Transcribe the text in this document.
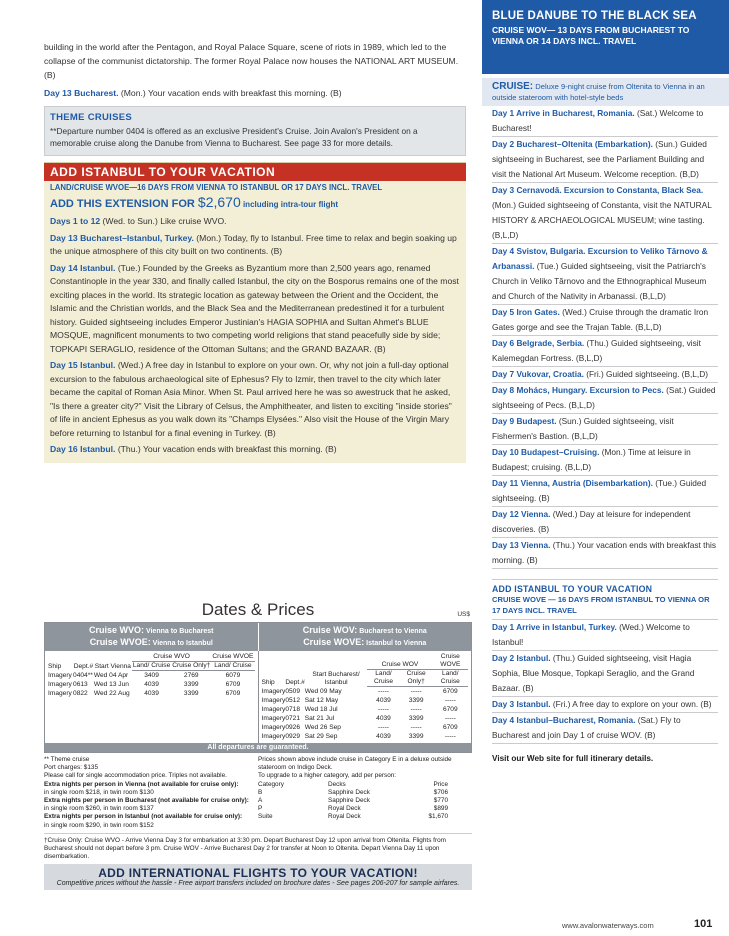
building in the world after the Pentagon, and Royal Palace Square, scene of riots in 1989, which led to the collapse of the communist dictatorship. The former Royal Palace now houses the NATIONAL ART MUSEUM. (B)
Day 13 Bucharest. (Mon.) Your vacation ends with breakfast this morning. (B)
THEME CRUISES
**Departure number 0404 is offered as an exclusive President's Cruise. Join Avalon's President on a memorable cruise along the Danube from Vienna to Bucharest. See page 33 for more details.
ADD ISTANBUL TO YOUR VACATION
LAND/CRUISE WVOE—16 DAYS FROM VIENNA TO ISTANBUL OR 17 DAYS INCL. TRAVEL
ADD THIS EXTENSION FOR $2,670 including intra-tour flight
Days 1 to 12 (Wed. to Sun.) Like cruise WVO.
Day 13 Bucharest–Istanbul, Turkey. (Mon.) Today, fly to Istanbul. Free time to relax and begin soaking up the unique atmosphere of this city built on two continents. (B)
Day 14 Istanbul. (Tue.) Founded by the Greeks as Byzantium more than 2,500 years ago, renamed Constantinople in the year 330, and finally called Istanbul, the city on the Bosporus remains one of the most exciting places in the world. Its strategic location as gateway between the Orient and the Occident, the Islamic and the Christian worlds, and the Black Sea and the Mediterranean predestined it for a turbulent history. Guided sightseeing includes Emperor Justinian's HAGIA SOPHIA and Sultan Ahmet's BLUE MOSQUE, magnificent monuments to two competing world religions that stand peacefully side by side; TOPKAPI SERAGLIO, residence of the Ottoman Sultans; and the GRAND BAZAAR. (B)
Day 15 Istanbul. (Wed.) A free day in Istanbul to explore on your own. Or, why not join a full-day optional excursion to the fabulous archaeological site of Ephesus? Fly to Izmir, then travel to the city which later became the capital of Roman Asia Minor. When St. Paul arrived here he was so awestruck that he asked, "Is there a greater city?" Visit the Library of Celsus, the Amphitheater, and listen to exciting "inside stories" of life in ancient Ephesus as you walk down its "Champs Elysées." Also visit the House of the Virgin Mary before returning to Istanbul for a final evening in Turkey. (B)
Day 16 Istanbul. (Thu.) Your vacation ends with breakfast this morning. (B)
Dates & Prices	US$
Cruise WVO: Vienna to Bucharest
Cruise WVOE: Vienna to Istanbul
Cruise WOV: Bucharest to Vienna
Cruise WOVE: Istanbul to Vienna
Ship	Dept.#	Start Vienna	Cruise WVO		Cruise WVOE
			Land/ Cruise	Cruise Only†	Land/ Cruise
Imagery	0404**	Wed 04 Apr	3409	2769	6079
Imagery	0613	Wed 13 Jun	4039	3399	6709
Imagery	0822	Wed 22 Aug	4039	3399	6709
Ship	Dept.#	Start Bucharest/ Istanbul	Cruise WOV		Cruise WOVE
			Land/ Cruise	Cruise Only†	Land/ Cruise
Imagery	0509	Wed 09 May	-----	-----	6709
Imagery	0512	Sat 12 May	4039	3399	-----
Imagery	0718	Wed 18 Jul	-----	-----	6709
Imagery	0721	Sat 21 Jul	4039	3399	-----
Imagery	0926	Wed 26 Sep	-----	-----	6709
Imagery	0929	Sat 29 Sep	4039	3399	-----
All departures are guaranteed.
** Theme cruise
Port charges: $135
Please call for single accommodation price. Triples not available.
Extra nights per person in Vienna (not available for cruise only):
in single room $218, in twin room $130
Extra nights per person in Bucharest (not available for cruise only):
in single room $260, in twin room $137
Extra nights per person in Istanbul (not available for cruise only):
in single room $290, in twin room $152
Prices shown above include cruise in Category E in a deluxe outside stateroom on Indigo Deck.
To upgrade to a higher category, add per person:
Category	Decks	Price
B	Sapphire Deck	$706
A	Sapphire Deck	$770
P	Royal Deck	$899
Suite	Royal Deck	$1,670
†Cruise Only: Cruise WVO - Arrive Vienna Day 3 for embarkation at 3:30 pm. Depart Bucharest Day 12 upon arrival from Oltenita. Flights from Bucharest should not depart before 3 pm. Cruise WOV - Arrive Bucharest Day 2 for transfer at Noon to Oltenita. Depart Vienna Day 11 upon disembarkation.
ADD INTERNATIONAL FLIGHTS TO YOUR VACATION!
Competitive prices without the hassle - Free airport transfers included on brochure dates - See pages 206-207 for sample airfares.
BLUE DANUBE TO THE BLACK SEA
CRUISE WOV— 13 DAYS FROM BUCHAREST TO VIENNA OR 14 DAYS INCL. TRAVEL
CRUISE: Deluxe 9-night cruise from Oltenita to Vienna in an outside stateroom with hotel-style beds
Day 1 Arrive in Bucharest, Romania. (Sat.) Welcome to Bucharest!
Day 2 Bucharest–Oltenita (Embarkation). (Sun.) Guided sightseeing in Bucharest, see the Parliament Building and visit the National Art Museum. Welcome reception. (B,D)
Day 3 Cernavodă. Excursion to Constanta, Black Sea. (Mon.) Guided sightseeing of Constanta, visit the NATURAL HISTORY & ARCHAEOLOGICAL MUSEUM; wine tasting. (B,L,D)
Day 4 Svistov, Bulgaria. Excursion to Veliko Tărnovo & Arbanassi. (Tue.) Guided sightseeing, visit the Patriarch's Church in Veliko Tărnovo and the Ethnographical Museum and Church of the Nativity in Arbanassi. (B,L,D)
Day 5 Iron Gates. (Wed.) Cruise through the dramatic Iron Gates gorge and see the Trajan Table. (B,L,D)
Day 6 Belgrade, Serbia. (Thu.) Guided sightseeing, visit Kalemegdan Fortress. (B,L,D)
Day 7 Vukovar, Croatia. (Fri.) Guided sightseeing. (B,L,D)
Day 8 Mohács, Hungary. Excursion to Pecs. (Sat.) Guided sightseeing of Pecs. (B,L,D)
Day 9 Budapest. (Sun.) Guided sightseeing, visit Fishermen's Bastion. (B,L,D)
Day 10 Budapest–Cruising. (Mon.) Time at leisure in Budapest; cruising. (B,L,D)
Day 11 Vienna, Austria (Disembarkation). (Tue.) Guided sightseeing. (B)
Day 12 Vienna. (Wed.) Day at leisure for independent discoveries. (B)
Day 13 Vienna. (Thu.) Your vacation ends with breakfast this morning. (B)
ADD ISTANBUL TO YOUR VACATION
CRUISE WOVE — 16 DAYS FROM ISTANBUL TO VIENNA OR 17 DAYS INCL. TRAVEL
Day 1 Arrive in Istanbul, Turkey. (Wed.) Welcome to Istanbul!
Day 2 Istanbul. (Thu.) Guided sightseeing, visit Hagia Sophia, Blue Mosque, Topkapi Seraglio, and the Grand Bazaar. (B)
Day 3 Istanbul. (Fri.) A free day to explore on your own. (B)
Day 4 Istanbul–Bucharest, Romania. (Sat.) Fly to Bucharest and join Day 1 of cruise WOV. (B)
Visit our Web site for full itinerary details.
www.avalonwaterways.com	101
